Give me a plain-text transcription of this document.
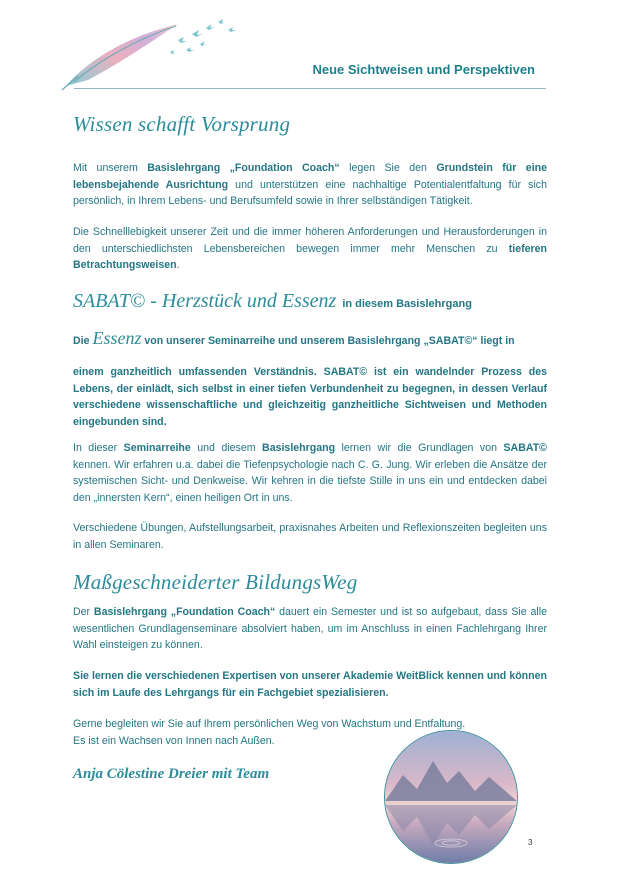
Neue Sichtweisen und Perspektiven
Wissen schafft Vorsprung

Mit unserem Basislehrgang „Foundation Coach“ legen Sie den Grundstein für eine lebensbejahende Ausrichtung und unterstützen eine nachhaltige Potentialentfaltung für sich persönlich, in Ihrem Lebens- und Berufsumfeld sowie in Ihrer selbständigen Tätigkeit.

Die Schnelllebigkeit unserer Zeit und die immer höheren Anforderungen und Herausforderungen in den unterschiedlichsten Lebensbereichen bewegen immer mehr Menschen zu tieferen Betrachtungsweisen.

SABAT© - Herzstück und Essenz in diesem Basislehrgang

Die Essenz von unserer Seminarreihe und unserem Basislehrgang „SABAT©“ liegt in

einem ganzheitlich umfassenden Verständnis. SABAT© ist ein wandelnder Prozess des Lebens, der einlädt, sich selbst in einer tiefen Verbundenheit zu begegnen, in dessen Verlauf verschiedene wissenschaftliche und gleichzeitig ganzheitliche Sichtweisen und Methoden eingebunden sind.

In dieser Seminarreihe und diesem Basislehrgang lernen wir die Grundlagen von SABAT© kennen. Wir erfahren u.a. dabei die Tiefenpsychologie nach C. G. Jung. Wir erleben die Ansätze der systemischen Sicht- und Denkweise. Wir kehren in die tiefste Stille in uns ein und entdecken dabei den „innersten Kern“, einen heiligen Ort in uns.

Verschiedene Übungen, Aufstellungsarbeit, praxisnahes Arbeiten und Reflexionszeiten begleiten uns in allen Seminaren.

Maßgeschneiderter BildungsWeg

Der Basislehrgang „Foundation Coach“ dauert ein Semester und ist so aufgebaut, dass Sie alle wesentlichen Grundlagenseminare absolviert haben, um im Anschluss in einen Fachlehrgang Ihrer Wahl einsteigen zu können.

Sie lernen die verschiedenen Expertisen von unserer Akademie WeitBlick kennen und können sich im Laufe des Lehrgangs für ein Fachgebiet spezialisieren.

Gerne begleiten wir Sie auf Ihrem persönlichen Weg von Wachstum und Entfaltung.
Es ist ein Wachsen von Innen nach Außen.

Anja Cölestine Dreier mit Team
3
